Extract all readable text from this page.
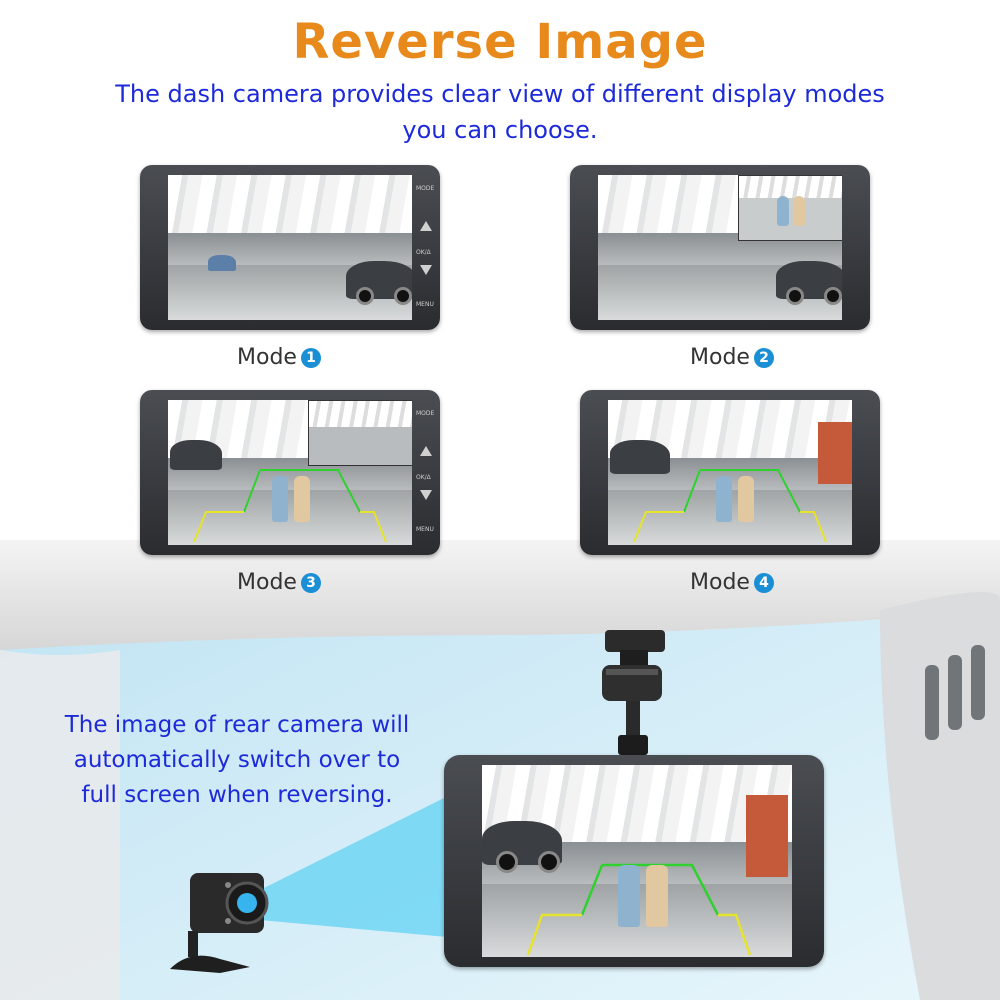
Reverse Image
The dash camera provides clear view of different display modes you can choose.
MODE
OK/Δ
MENU
Mode 1	Mode 2
MODE
OK/Δ
MENU
Mode 3	Mode 4
The image of rear camera will automatically switch over to full screen when reversing.
